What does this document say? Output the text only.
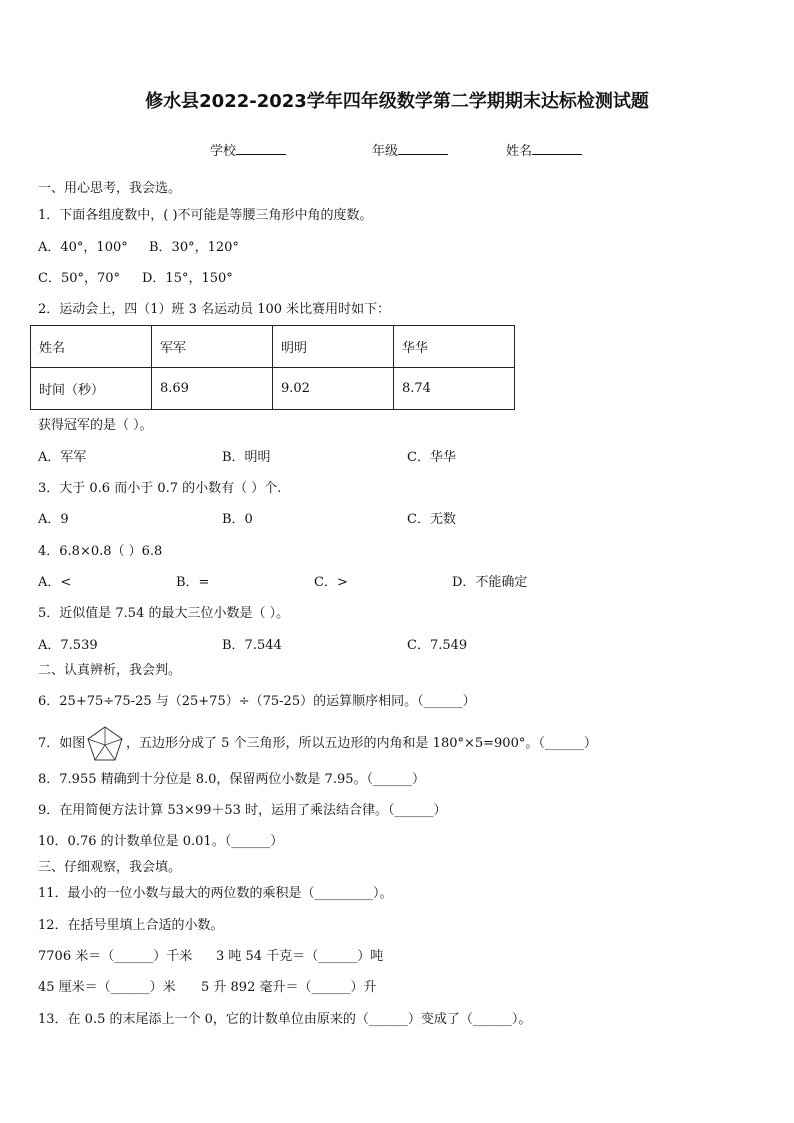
修水县2022-2023学年四年级数学第二学期期末达标检测试题
学校	年级	姓名
一、用心思考，我会选。
1．下面各组度数中，( )不可能是等腰三角形中角的度数。
A．40°，100° B．30°，120°
C．50°，70° D．15°，150°
2．运动会上，四（1）班 3 名运动员 100 米比赛用时如下：
姓名	军军	明明	华华
时间（秒）	8.69	9.02	8.74
获得冠军的是（ ）。
A．军军	B．明明	C．华华
3．大于 0.6 而小于 0.7 的小数有（ ）个.
A．9	B．0	C．无数
4．6.8×0.8（ ）6.8
A．<	B．=	C．>	D．不能确定
5．近似值是 7.54 的最大三位小数是（ ）。
A．7.539	B．7.544	C．7.549
二、认真辨析，我会判。
6．25+75÷75-25 与（25+75）÷（75-25）的运算顺序相同。（______）
7．如图	，五边形分成了 5 个三角形，所以五边形的内角和是 180°×5=900°。（______）
8．7.955 精确到十分位是 8.0，保留两位小数是 7.95。（______）
9．在用简便方法计算 53×99＋53 时，运用了乘法结合律。（______）
10．0.76 的计数单位是 0.01。（______）
三、仔细观察，我会填。
11．最小的一位小数与最大的两位数的乘积是（_________）。
12．在括号里填上合适的小数。
7706 米＝（______）千米 3 吨 54 千克＝（______）吨
45 厘米＝（______）米 5 升 892 毫升＝（______）升
13．在 0.5 的末尾添上一个 0，它的计数单位由原来的（______）变成了（______）。
